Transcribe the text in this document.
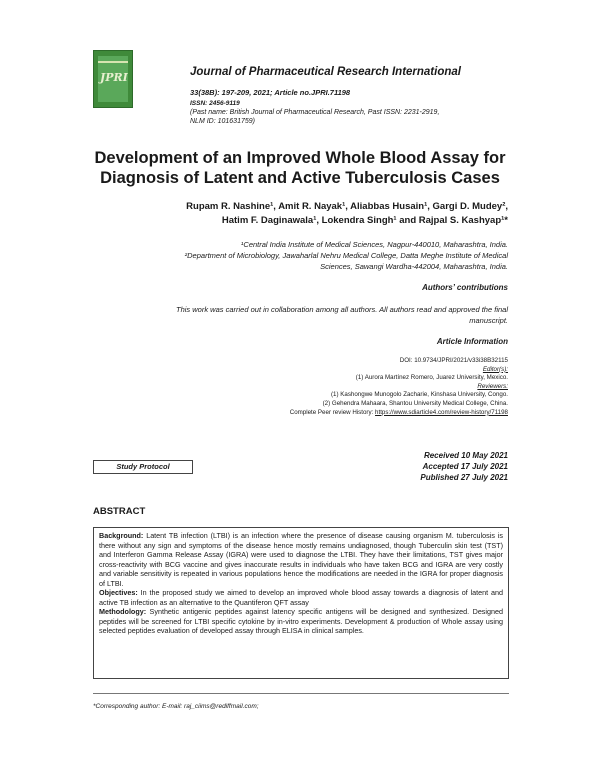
JPRI	Journal of Pharmaceutical Research International
33(38B): 197-209, 2021; Article no.JPRI.71198
ISSN: 2456-9119
(Past name: British Journal of Pharmaceutical Research, Past ISSN: 2231-2919,
NLM ID: 101631759)
Development of an Improved Whole Blood Assay for
Diagnosis of Latent and Active Tuberculosis Cases
Rupam R. Nashine¹, Amit R. Nayak¹, Aliabbas Husain¹, Gargi D. Mudey²,
Hatim F. Daginawala¹, Lokendra Singh¹ and Rajpal S. Kashyap¹*
¹Central India Institute of Medical Sciences, Nagpur-440010, Maharashtra, India.
²Department of Microbiology, Jawaharlal Nehru Medical College, Datta Meghe Institute of Medical
Sciences, Sawangi Wardha-442004, Maharashtra, India.
Authors’ contributions
This work was carried out in collaboration among all authors. All authors read and approved the final
manuscript.
Article Information
DOI: 10.9734/JPRI/2021/v33i38B32115
Editor(s):
(1) Aurora Martínez Romero, Juarez University, Mexico.
Reviewers:
(1) Kashongwe Munogolo Zacharie, Kinshasa University, Congo.
(2) Gehendra Mahaara, Shantou University Medical College, China.
Complete Peer review History: https://www.sdiarticle4.com/review-history/71198
Study Protocol
Received 10 May 2021
Accepted 17 July 2021
Published 27 July 2021
ABSTRACT

Background: Latent TB infection (LTBI) is an infection where the presence of disease causing organism M. tuberculosis is there without any sign and symptoms of the disease hence mostly remains undiagnosed, though Tuberculin skin test (TST) and Interferon Gamma Release Assay (IGRA) were used to diagnose the LTBI. They have their limitations, TST gives major cross-reactivity with BCG vaccine and gives inaccurate results in individuals who have taken BCG and IGRA are very costly and variable sensitivity is repeated in various populations hence the modifications are needed in the IGRA for proper diagnosis of LTBI.

Objectives: In the proposed study we aimed to develop an improved whole blood assay towards a diagnosis of latent and active TB infection as an alternative to the Quantiferon QFT assay

Methodology: Synthetic antigenic peptides against latency specific antigens will be designed and synthesized. Designed peptides will be screened for LTBI specific cytokine by in-vitro experiments. Development & production of Whole assay using selected peptides evaluation of developed assay through ELISA in clinical samples.

*Corresponding author: E-mail: raj_ciims@rediffmail.com;
